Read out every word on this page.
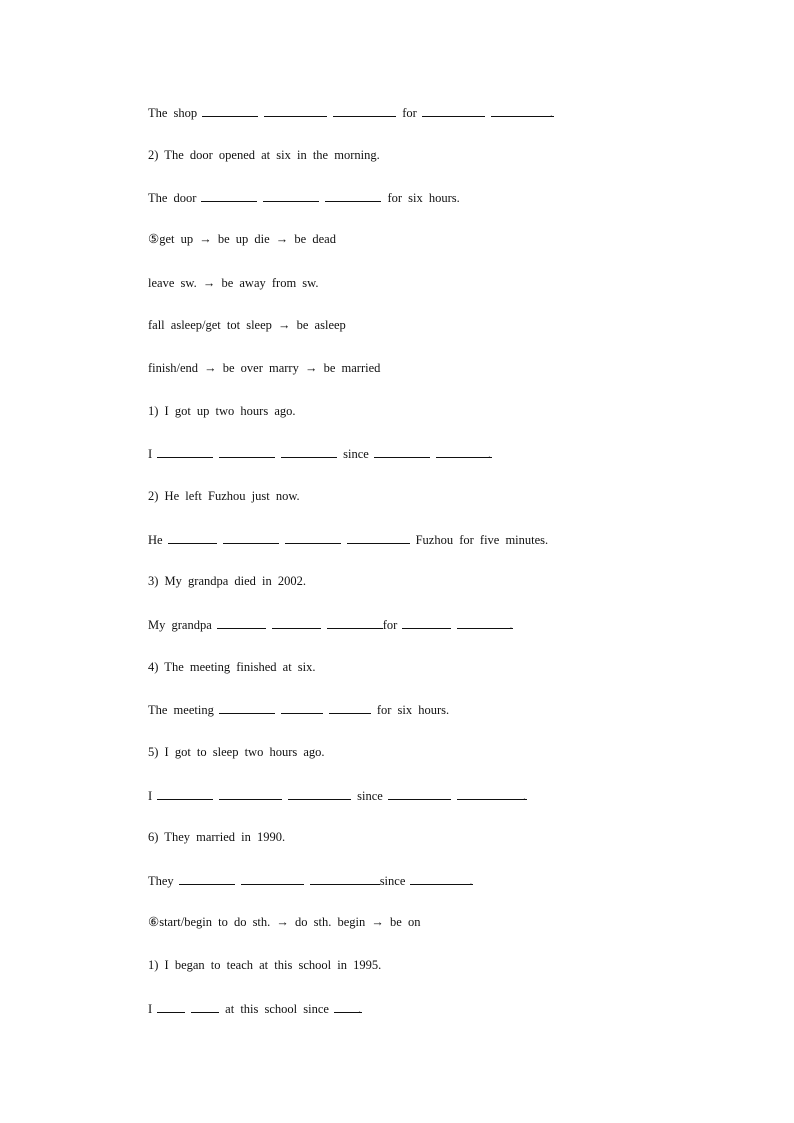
The shop	for	.
2) The door opened at six in the morning.
The door	for six hours.
⑤get up → be up die → be dead
leave sw. → be away from sw.
fall asleep/get tot sleep → be asleep
finish/end → be over marry → be married
1) I got up two hours ago.
I	since	.
2) He left Fuzhou just now.
He	Fuzhou for five minutes.
3) My grandpa died in 2002.
My grandpa	for	.
4) The meeting finished at six.
The meeting	for six hours.
5) I got to sleep two hours ago.
I	since	.
6) They married in 1990.
They	since	.
⑥start/begin to do sth. → do sth. begin → be on
1) I began to teach at this school in 1995.
I	at this school since .
